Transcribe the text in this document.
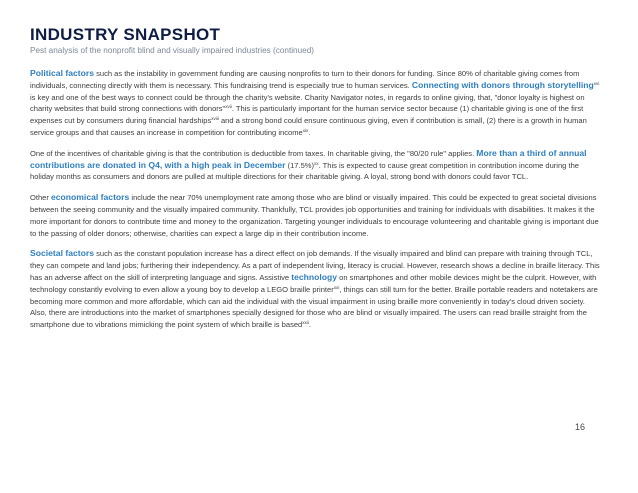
INDUSTRY SNAPSHOT
Pest analysis of the nonprofit blind and visually impaired industries (continued)

Political factors such as the instability in government funding are causing nonprofits to turn to their donors for funding. Since 80% of charitable giving comes from individuals, connecting directly with them is necessary. This fundraising trend is especially true to human services. Connecting with donors through storytelling$^{xvi}$ is key and one of the best ways to connect could be through the charity's website. Charity Navigator notes, in regards to online giving, that, "donor loyalty is highest on charity websites that build strong connections with donors"$^{xvii}$. This is particularly important for the human service sector because (1) charitable giving is one of the first expenses cut by consumers during financial hardships$^{xviii}$ and a strong bond could ensure continuous giving, even if contribution is small, (2) there is a growth in human service groups and that causes an increase in competition for contributing income$^{xix}$.

One of the incentives of charitable giving is that the contribution is deductible from taxes. In charitable giving, the "80/20 rule" applies. More than a third of annual contributions are donated in Q4, with a high peak in December $(17.5\%)^{xx}$. This is expected to cause great competition in contribution income during the holiday months as consumers and donors are pulled at multiple directions for their charitable giving. A loyal, strong bond with donors could favor TCL.

Other economical factors include the near 70% unemployment rate among those who are blind or visually impaired. This could be expected to great societal divisions between the seeing community and the visually impaired community. Thankfully, TCL provides job opportunities and training for individuals with disabilities. It makes it the more important for donors to contribute time and money to the organization. Targeting younger individuals to encourage volunteering and charitable giving is important due to the passing of older donors; otherwise, charities can expect a large dip in their contribution income.

Societal factors such as the constant population increase has a direct effect on job demands. If the visually impaired and blind can prepare with training through TCL, they can compete and land jobs; furthering their independency. As a part of independent living, literacy is crucial. However, research shows a decline in braille literacy. This has an adverse affect on the skill of interpreting language and signs. Assistive technology on smartphones and other mobile devices might be the culprit. However, with technology constantly evolving to even allow a young boy to develop a LEGO braille printer$^{xxi}$, things can still turn for the better. Braille portable readers and notetakers are becoming more common and more affordable, which can aid the individual with the visual impairment in using braille more conveniently in today's cloud driven society. Also, there are introductions into the market of smartphones specially designed for those who are blind or visually impaired. The users can read braille straight from the smartphone due to vibrations mimicking the point system of which braille is based$^{xxii}$.

16
